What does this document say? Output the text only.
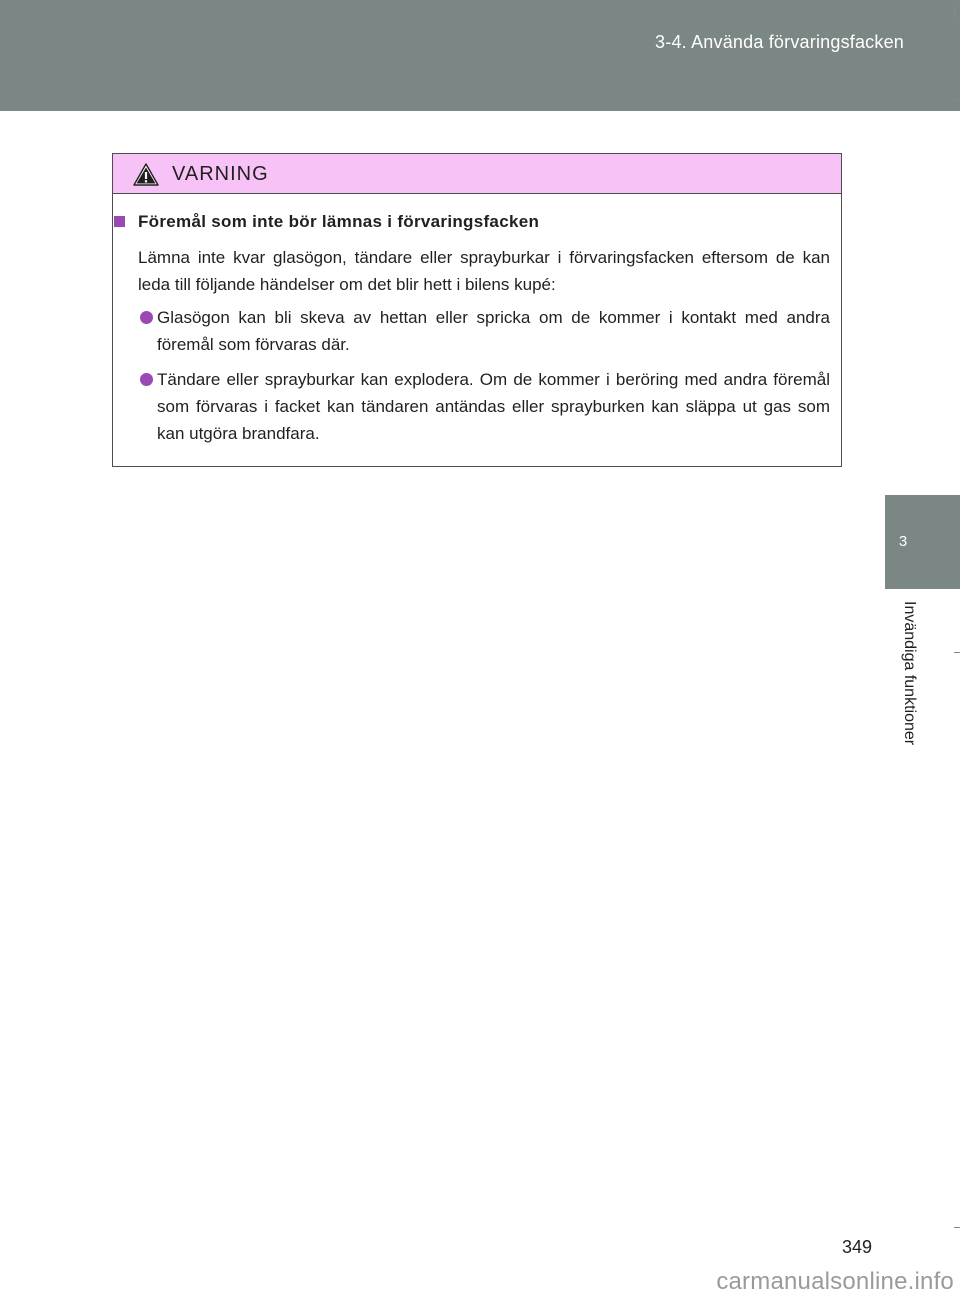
3-4. Använda förvaringsfacken
3
Invändiga funktioner
VARNING
Föremål som inte bör lämnas i förvaringsfacken
Lämna inte kvar glasögon, tändare eller sprayburkar i förvaringsfacken eftersom de kan leda till följande händelser om det blir hett i bilens kupé:
Glasögon kan bli skeva av hettan eller spricka om de kommer i kontakt med andra föremål som förvaras där.
Tändare eller sprayburkar kan explodera. Om de kommer i beröring med andra föremål som förvaras i facket kan tändaren antändas eller sprayburken kan släppa ut gas som kan utgöra brandfara.
349
carmanualsonline.info
